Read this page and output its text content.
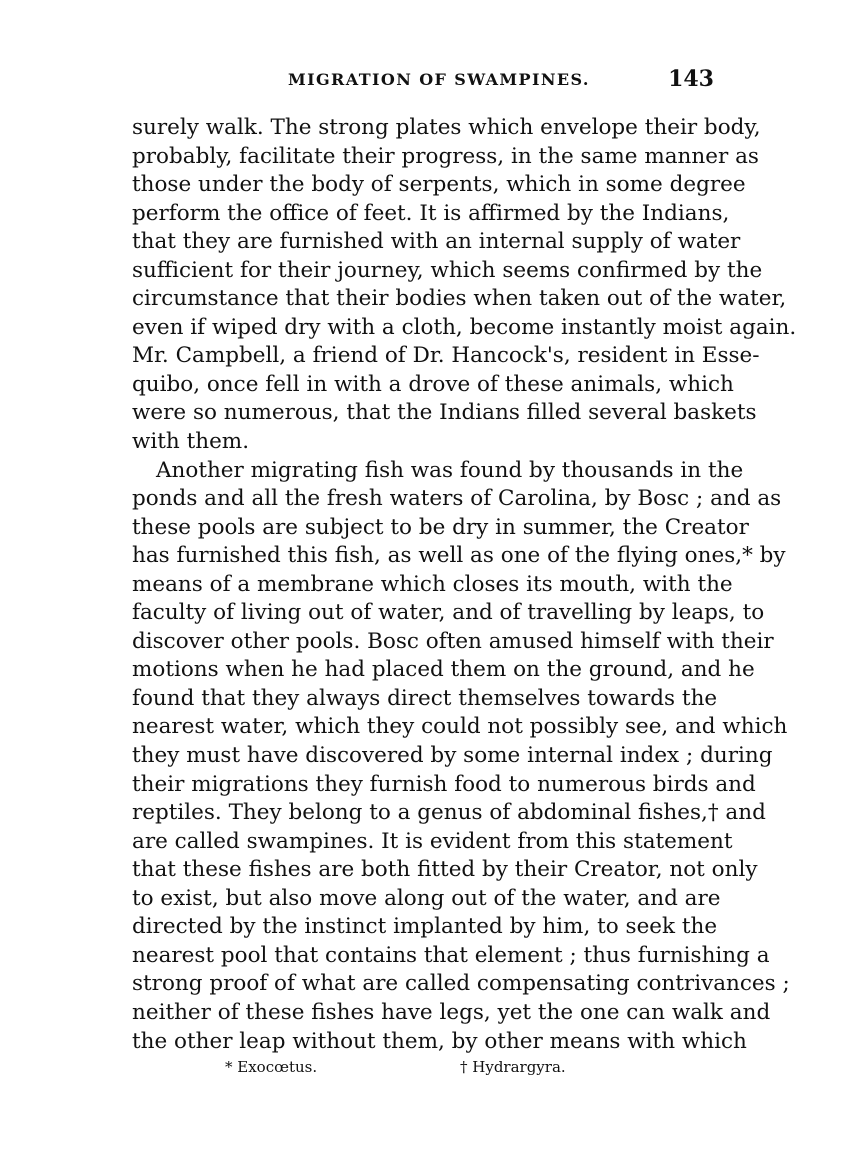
MIGRATION OF SWAMPINES.	143
surely walk. The strong plates which envelope their body,
probably, facilitate their progress, in the same manner as
those under the body of serpents, which in some degree
perform the office of feet. It is affirmed by the Indians,
that they are furnished with an internal supply of water
sufficient for their journey, which seems confirmed by the
circumstance that their bodies when taken out of the water,
even if wiped dry with a cloth, become instantly moist again.
Mr. Campbell, a friend of Dr. Hancock's, resident in Esse-
quibo, once fell in with a drove of these animals, which
were so numerous, that the Indians filled several baskets
with them.
Another migrating fish was found by thousands in the
ponds and all the fresh waters of Carolina, by Bosc ; and as
these pools are subject to be dry in summer, the Creator
has furnished this fish, as well as one of the flying ones,* by
means of a membrane which closes its mouth, with the
faculty of living out of water, and of travelling by leaps, to
discover other pools. Bosc often amused himself with their
motions when he had placed them on the ground, and he
found that they always direct themselves towards the
nearest water, which they could not possibly see, and which
they must have discovered by some internal index ; during
their migrations they furnish food to numerous birds and
reptiles. They belong to a genus of abdominal fishes,† and
are called swampines. It is evident from this statement
that these fishes are both fitted by their Creator, not only
to exist, but also move along out of the water, and are
directed by the instinct implanted by him, to seek the
nearest pool that contains that element ; thus furnishing a
strong proof of what are called compensating contrivances ;
neither of these fishes have legs, yet the one can walk and
the other leap without them, by other means with which
* Exocœtus.	† Hydrargyra.
